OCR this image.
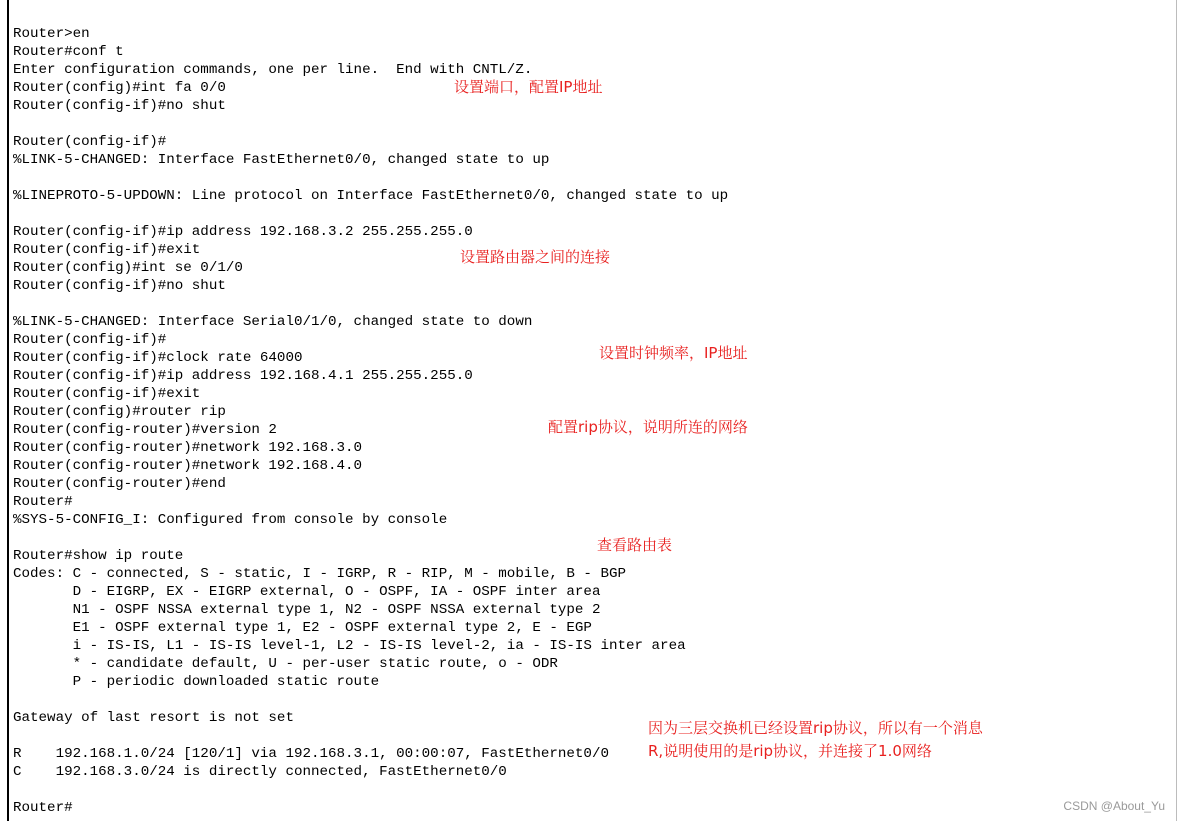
Router>en
Router#conf t
Enter configuration commands, one per line.  End with CNTL/Z.
Router(config)#int fa 0/0
Router(config-if)#no shut
Router(config-if)#
%LINK-5-CHANGED: Interface FastEthernet0/0, changed state to up
%LINEPROTO-5-UPDOWN: Line protocol on Interface FastEthernet0/0, changed state to up
Router(config-if)#ip address 192.168.3.2 255.255.255.0
Router(config-if)#exit
Router(config)#int se 0/1/0
Router(config-if)#no shut
%LINK-5-CHANGED: Interface Serial0/1/0, changed state to down
Router(config-if)#
Router(config-if)#clock rate 64000
Router(config-if)#ip address 192.168.4.1 255.255.255.0
Router(config-if)#exit
Router(config)#router rip
Router(config-router)#version 2
Router(config-router)#network 192.168.3.0
Router(config-router)#network 192.168.4.0
Router(config-router)#end
Router#
%SYS-5-CONFIG_I: Configured from console by console
Router#show ip route
Codes: C - connected, S - static, I - IGRP, R - RIP, M - mobile, B - BGP
D - EIGRP, EX - EIGRP external, O - OSPF, IA - OSPF inter area
N1 - OSPF NSSA external type 1, N2 - OSPF NSSA external type 2
E1 - OSPF external type 1, E2 - OSPF external type 2, E - EGP
i - IS-IS, L1 - IS-IS level-1, L2 - IS-IS level-2, ia - IS-IS inter area
* - candidate default, U - per-user static route, o - ODR
P - periodic downloaded static route
Gateway of last resort is not set
R    192.168.1.0/24 [120/1] via 192.168.3.1, 00:00:07, FastEthernet0/0
C    192.168.3.0/24 is directly connected, FastEthernet0/0
Router#
设置端口，配置IP地址
设置路由器之间的连接
设置时钟频率，IP地址
配置rip协议，说明所连的网络
查看路由表
因为三层交换机已经设置rip协议，所以有一个消息
R,说明使用的是rip协议，并连接了1.0网络
CSDN @About_Yu
